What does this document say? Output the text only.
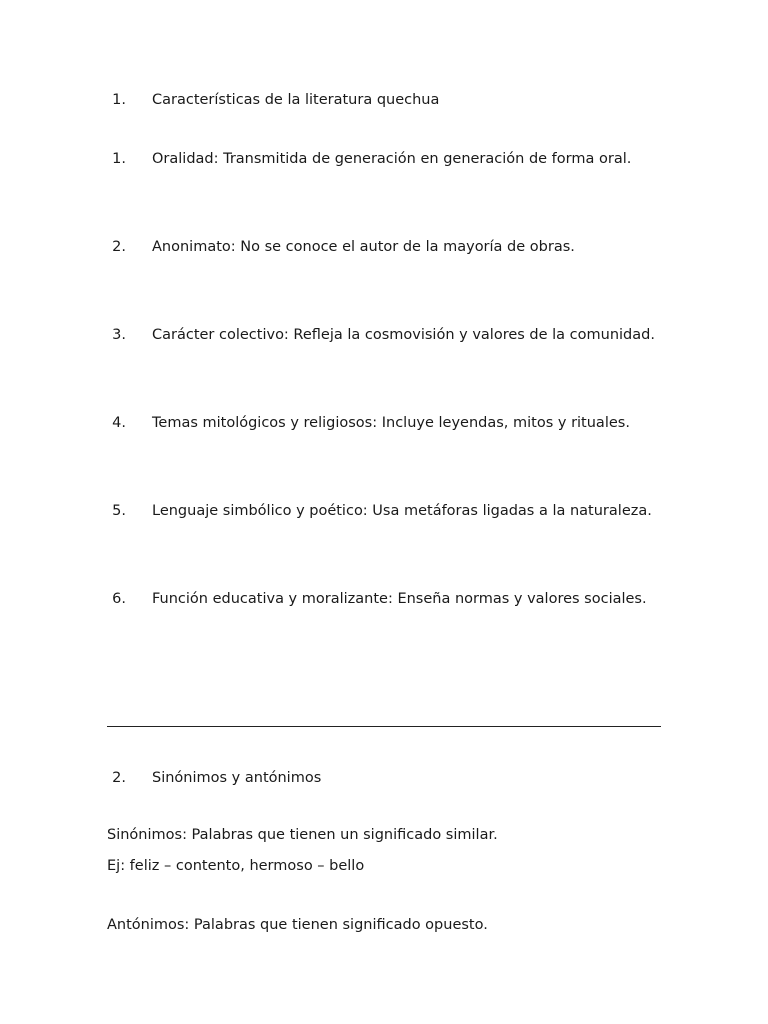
1. Características de la literatura quechua
1. Oralidad: Transmitida de generación en generación de forma oral.
2. Anonimato: No se conoce el autor de la mayoría de obras.
3. Carácter colectivo: Refleja la cosmovisión y valores de la comunidad.
4. Temas mitológicos y religiosos: Incluye leyendas, mitos y rituales.
5. Lenguaje simbólico y poético: Usa metáforas ligadas a la naturaleza.
6. Función educativa y moralizante: Enseña normas y valores sociales.
2. Sinónimos y antónimos
Sinónimos: Palabras que tienen un significado similar.
Ej: feliz – contento, hermoso – bello
Antónimos: Palabras que tienen significado opuesto.
